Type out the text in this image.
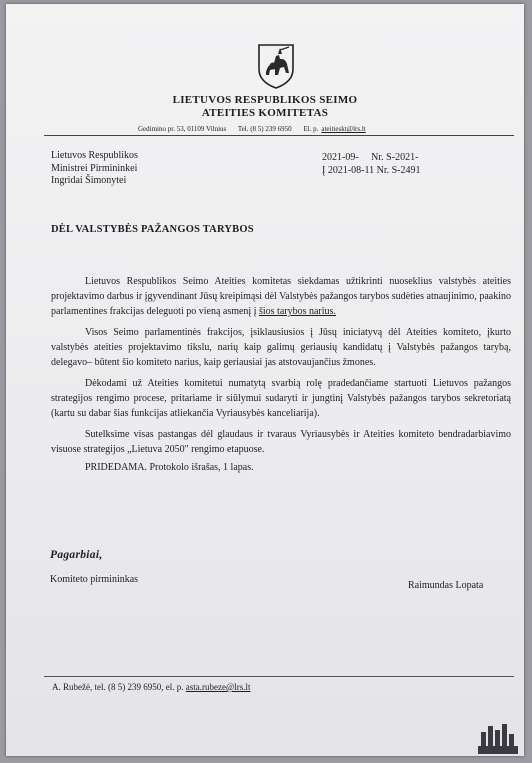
LIETUVOS RESPUBLIKOS SEIMO
ATEITIES KOMITETAS
Gedimino pr. 53, 01109 Vilnius Tel. (8 5) 239 6950 El. p. ateitieskt@lrs.lt
Lietuvos Respublikos
Ministrei Pirmininkei
Ingridai Šimonytei
2021-09- Nr. S-2021-
Į 2021-08-11 Nr. S-2491
DĖL VALSTYBĖS PAŽANGOS TARYBOS

Lietuvos Respublikos Seimo Ateities komitetas siekdamas užtikrinti nuoseklius valstybės ateities projektavimo darbus ir įgyvendinant Jūsų kreipimąsi dėl Valstybės pažangos tarybos sudėties atnaujinimo, paakino parlamentines frakcijas deleguoti po vieną asmenį į šios tarybos narius.

Visos Seimo parlamentinės frakcijos, įsiklausiusios į Jūsų iniciatyvą dėl Ateities komiteto, įkurto valstybės ateities projektavimo tikslu, narių kaip galimų geriausių kandidatų į Valstybės pažangos tarybą, delegavo– būtent šio komiteto narius, kaip geriausiai jas atstovaujančius žmones.

Dėkodami už Ateities komitetui numatytą svarbią rolę pradedančiame startuoti Lietuvos pažangos strategijos rengimo procese, pritariame ir siūlymui sudaryti ir jungtinį Valstybės pažangos tarybos sekretoriatą (kartu su dabar šias funkcijas atliekančia Vyriausybės kanceliarija).

Sutelksime visas pastangas dėl glaudaus ir tvaraus Vyriausybės ir Ateities komiteto bendradarbiavimo visuose strategijos „Lietuva 2050" rengimo etapuose.

PRIDEDAMA. Protokolo išrašas, 1 lapas.

Pagarbiai,
Komiteto pirmininkas
Raimundas Lopata
A. Rubežė, tel. (8 5) 239 6950, el. p. asta.rubeze@lrs.lt
